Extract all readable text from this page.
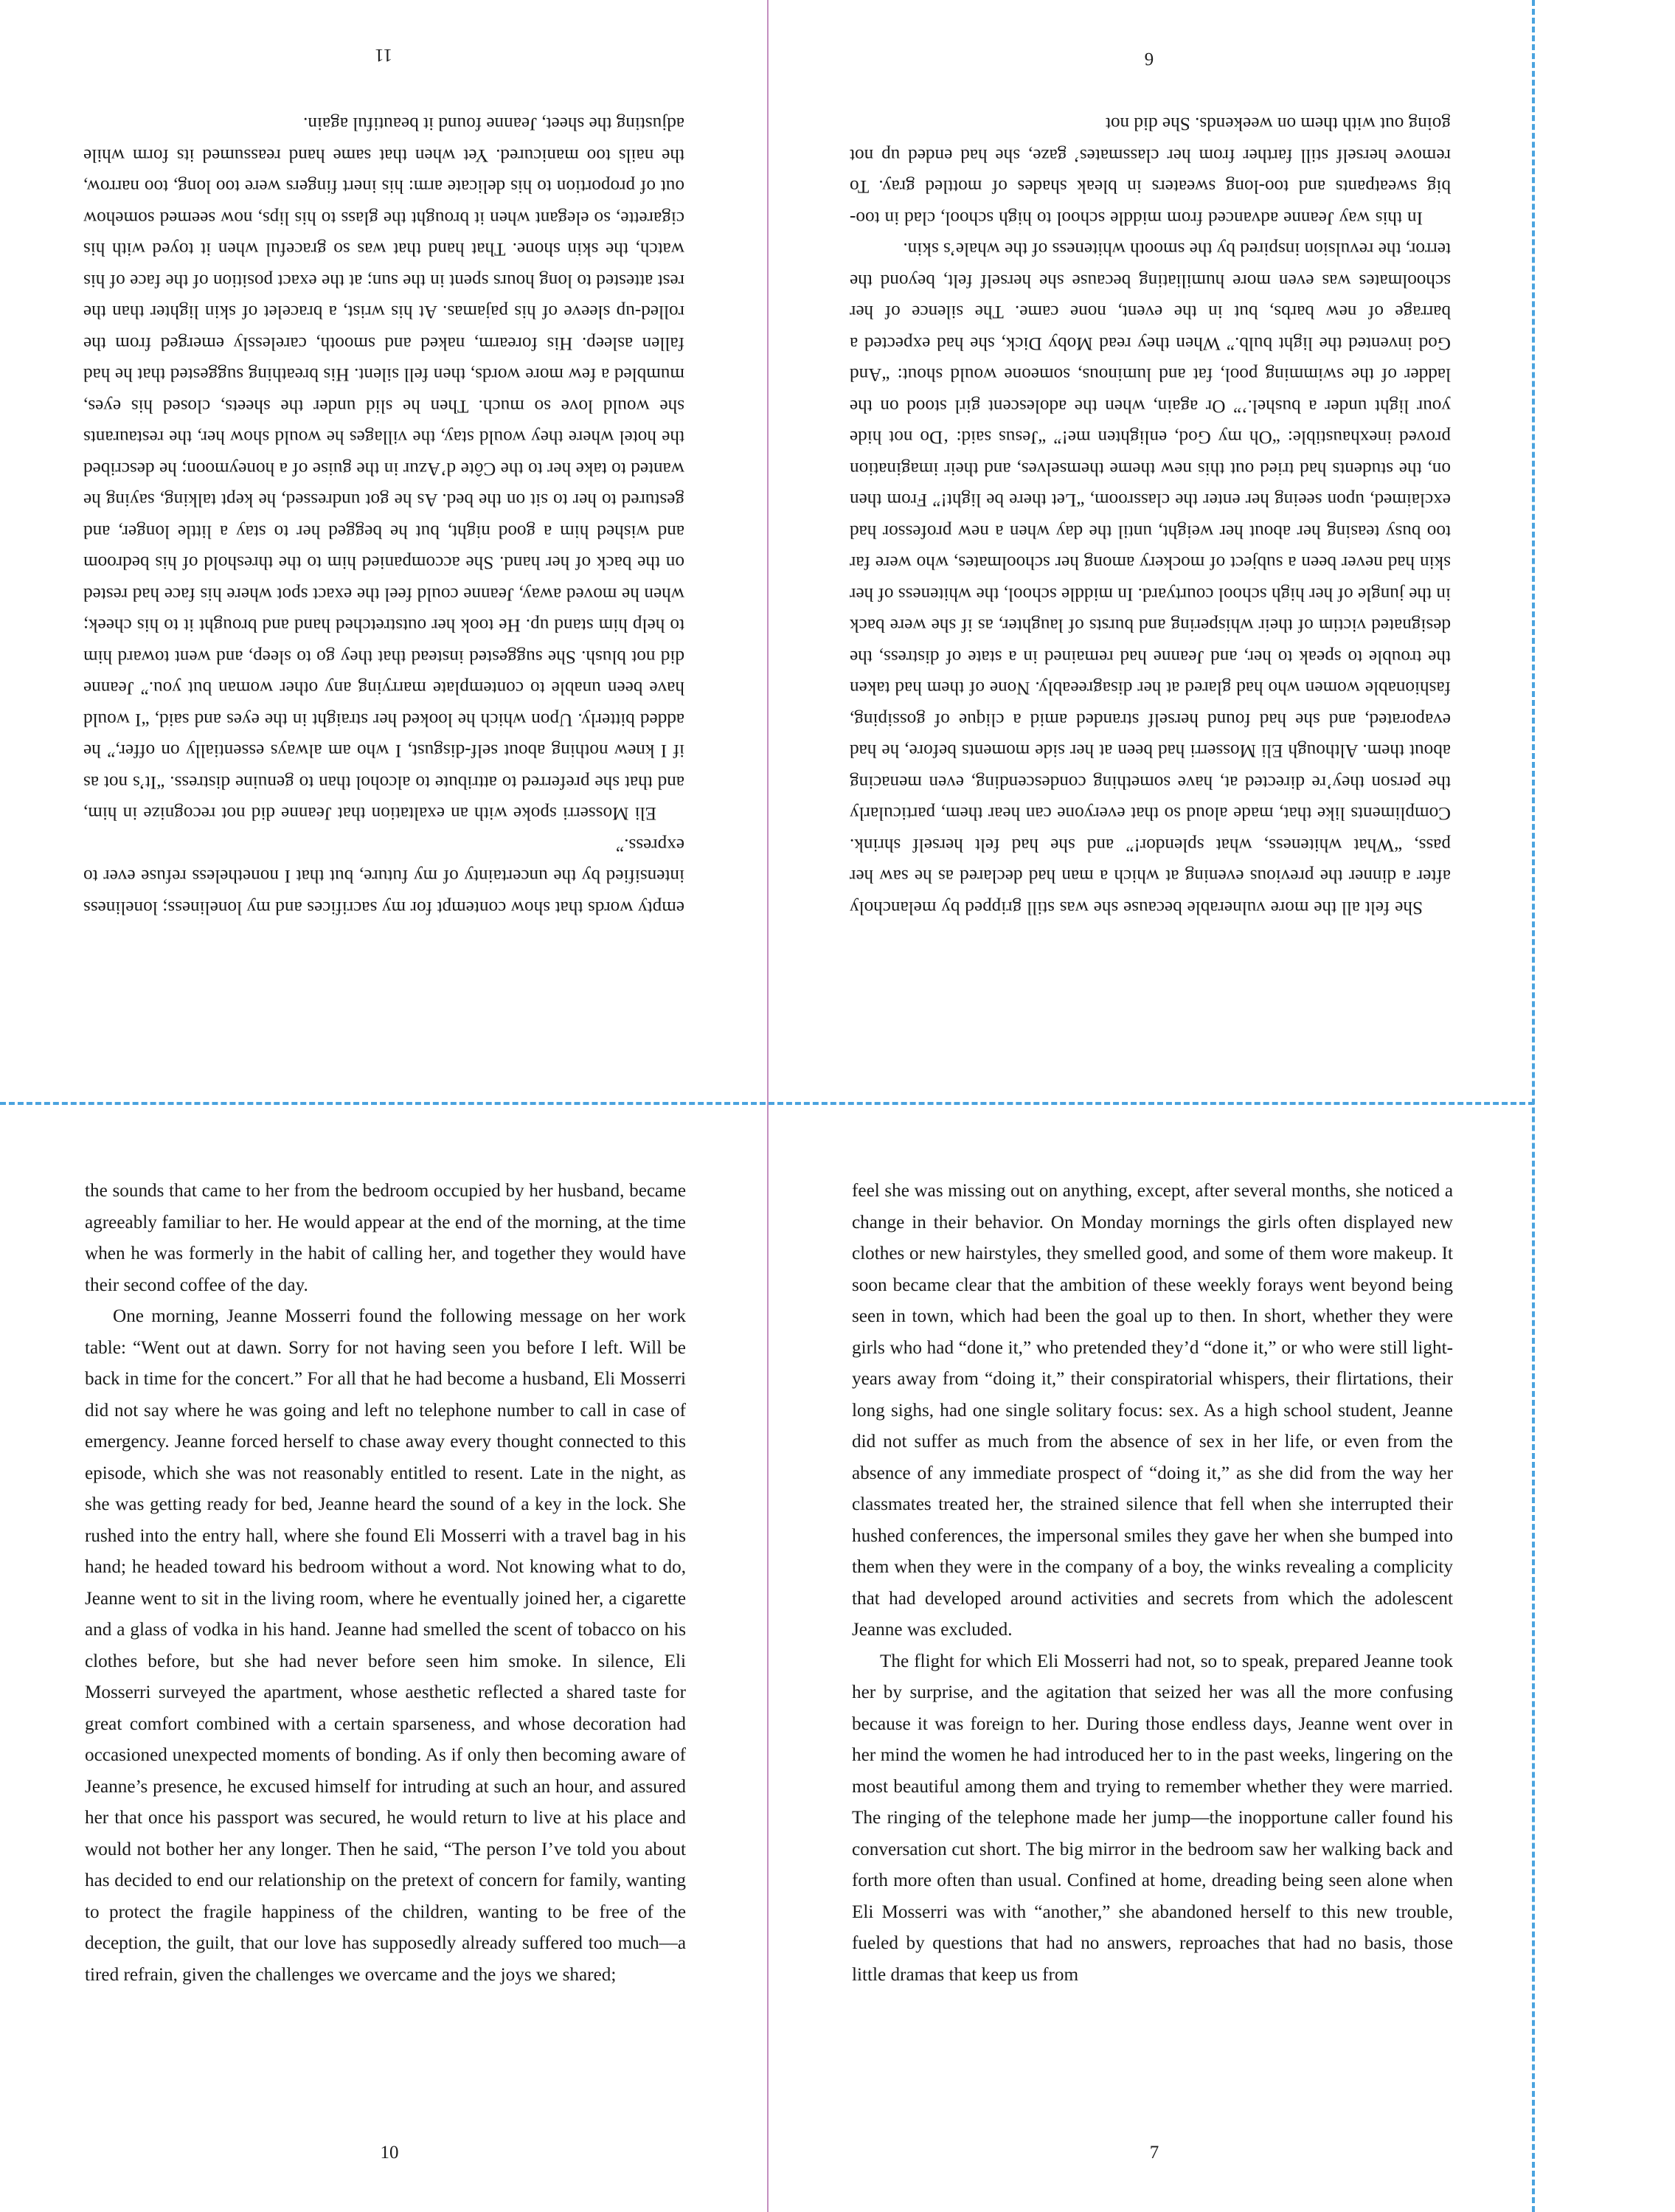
empty words that show contempt for my sacrifices and my loneliness; loneliness intensified by the uncertainty of my future, but that I nonetheless refuse ever to express.”

Eli Mosserri spoke with an exaltation that Jeanne did not recognize in him, and that she preferred to attribute to alcohol than to genuine distress. “It’s not as if I knew nothing about self-disgust, I who am always essentially on offer,” he added bitterly. Upon which he looked her straight in the eyes and said, “I would have been unable to contemplate marrying any other woman but you.” Jeanne did not blush. She suggested instead that they go to sleep, and went toward him to help him stand up. He took her outstretched hand and brought it to his cheek; when he moved away, Jeanne could feel the exact spot where his face had rested on the back of her hand. She accompanied him to the threshold of his bedroom and wished him a good night, but he begged her to stay a little longer, and gestured to her to sit on the bed. As he got undressed, he kept talking, saying he wanted to take her to the Côte d’Azur in the guise of a honeymoon; he described the hotel where they would stay, the villages he would show her, the restaurants she would love so much. Then he slid under the sheets, closed his eyes, mumbled a few more words, then fell silent. His breathing suggested that he had fallen asleep. His forearm, naked and smooth, carelessly emerged from the rolled-up sleeve of his pajamas. At his wrist, a bracelet of skin lighter than the rest attested to long hours spent in the sun; at the exact position of the face of his watch, the skin shone. That hand that was so graceful when it toyed with his cigarette, so elegant when it brought the glass to his lips, now seemed somehow out of proportion to his delicate arm: his inert fingers were too long, too narrow, the nails too manicured. Yet when that same hand reassumed its form while adjusting the sheet, Jeanne found it beautiful again.

11

She felt all the more vulnerable because she was still gripped by melancholy after a dinner the previous evening at which a man had declared as he saw her pass, “What whiteness, what splendor!” and she had felt herself shrink. Compliments like that, made aloud so that everyone can hear them, particularly the person they’re directed at, have something condescending, even menacing about them. Although Eli Mosserri had been at her side moments before, he had evaporated, and she had found herself stranded amid a clique of gossiping, fashionable women who had glared at her disagreeably. None of them had taken the trouble to speak to her, and Jeanne had remained in a state of distress, the designated victim of their whispering and bursts of laughter, as if she were back in the jungle of her high school courtyard. In middle school, the whiteness of her skin had never been a subject of mockery among her schoolmates, who were far too busy teasing her about her weight, until the day when a new professor had exclaimed, upon seeing her enter the classroom, “Let there be light!” From then on, the students had tried out this new theme themselves, and their imagination proved inexhaustible: “Oh my God, enlighten me!” “Jesus said: ‘Do not hide your light under a bushel.’” Or again, when the adolescent girl stood on the ladder of the swimming pool, fat and luminous, someone would shout: “And God invented the light bulb.” When they read Moby Dick, she had expected a barrage of new barbs, but in the event, none came. The silence of her schoolmates was even more humiliating because she herself felt, beyond the terror, the revulsion inspired by the smooth whiteness of the whale’s skin.

In this way Jeanne advanced from middle school to high school, clad in too-big sweatpants and too-long sweaters in bleak shades of mottled gray. To remove herself still farther from her classmates’ gaze, she had ended up not going out with them on weekends. She did not

6

the sounds that came to her from the bedroom occupied by her husband, became agreeably familiar to her. He would appear at the end of the morning, at the time when he was formerly in the habit of calling her, and together they would have their second coffee of the day.

One morning, Jeanne Mosserri found the following message on her work table: “Went out at dawn. Sorry for not having seen you before I left. Will be back in time for the concert.” For all that he had become a husband, Eli Mosserri did not say where he was going and left no telephone number to call in case of emergency. Jeanne forced herself to chase away every thought connected to this episode, which she was not reasonably entitled to resent. Late in the night, as she was getting ready for bed, Jeanne heard the sound of a key in the lock. She rushed into the entry hall, where she found Eli Mosserri with a travel bag in his hand; he headed toward his bedroom without a word. Not knowing what to do, Jeanne went to sit in the living room, where he eventually joined her, a cigarette and a glass of vodka in his hand. Jeanne had smelled the scent of tobacco on his clothes before, but she had never before seen him smoke. In silence, Eli Mosserri surveyed the apartment, whose aesthetic reflected a shared taste for great comfort combined with a certain sparseness, and whose decoration had occasioned unexpected moments of bonding. As if only then becoming aware of Jeanne’s presence, he excused himself for intruding at such an hour, and assured her that once his passport was secured, he would return to live at his place and would not bother her any longer. Then he said, “The person I’ve told you about has decided to end our relationship on the pretext of concern for family, wanting to protect the fragile happiness of the children, wanting to be free of the deception, the guilt, that our love has supposedly already suffered too much—a tired refrain, given the challenges we overcame and the joys we shared;

10

feel she was missing out on anything, except, after several months, she noticed a change in their behavior. On Monday mornings the girls often displayed new clothes or new hairstyles, they smelled good, and some of them wore makeup. It soon became clear that the ambition of these weekly forays went beyond being seen in town, which had been the goal up to then. In short, whether they were girls who had “done it,” who pretended they’d “done it,” or who were still light-years away from “doing it,” their conspiratorial whispers, their flirtations, their long sighs, had one single solitary focus: sex. As a high school student, Jeanne did not suffer as much from the absence of sex in her life, or even from the absence of any immediate prospect of “doing it,” as she did from the way her classmates treated her, the strained silence that fell when she interrupted their hushed conferences, the impersonal smiles they gave her when she bumped into them when they were in the company of a boy, the winks revealing a complicity that had developed around activities and secrets from which the adolescent Jeanne was excluded.

The flight for which Eli Mosserri had not, so to speak, prepared Jeanne took her by surprise, and the agitation that seized her was all the more confusing because it was foreign to her. During those endless days, Jeanne went over in her mind the women he had introduced her to in the past weeks, lingering on the most beautiful among them and trying to remember whether they were married. The ringing of the telephone made her jump—the inopportune caller found his conversation cut short. The big mirror in the bedroom saw her walking back and forth more often than usual. Confined at home, dreading being seen alone when Eli Mosserri was with “another,” she abandoned herself to this new trouble, fueled by questions that had no answers, reproaches that had no basis, those little dramas that keep us from

7
